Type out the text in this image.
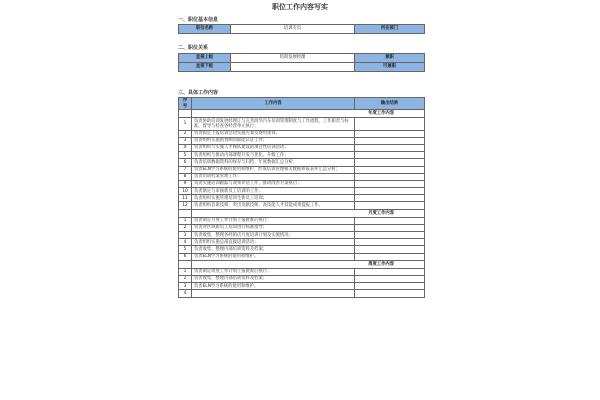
职位工作内容写实
一、职位基本信息
职位名称	培训专员	所在部门
二、职位关系
直接上级	培训发展经理	兼职
直接下级		可兼职
三、具体工作内容
序号	工作内容	输出结果
	年度工作内容	
1	负责协助培训发展经理订与完善润华汽车培训管理制度与工作流程，工作职责与标准，督导与检查各经营单元执行；	
2	负责拟定上报培训活动实施方案及费用预算；	
3	负责组织实施销售顾问职能认证工作；	
4	负责组织与实施人才梯队建设的项目性培训活动；	
5	负责组织与推动内部课程开发与优化、升级工作；	
6	负责培训数据资料的保存与归档、年度数据汇总分析；	
7	负责ELN学习系统的使用和维护，形成培训管理相关数据和报表并汇总分析；	
8	负责培训档案管理工作；	
9	负责实施培训跟踪与效果评估工作，推动改善方案执行；	
10	负责制定与审核新员工培训的工作；	
11	负责组织实施管理培训生新员工培训；	
12	负责组织首席技师、突出贡献技师、高技能人才技能成果提报工作。	
	月度工作内容	
1	负责制定月度工作计划上报批准后执行；	
2	负责对区域新员工培训进行标准指导；	
3	负责收集、整理各经销店月度培训计划及实施情况；	
4	负责组织实施总部直接培训活动；	
5	负责收集、整理内部培训资料及档案；	
6	负责ELN学习系统的使用和维护。	
	周度工作内容	
1	负责制定周度工作计划上报批准后执行；	
2	负责收集、整理内部培训资料及档案；	
3	负责ELN学习系统的使用和维护。	
4		
